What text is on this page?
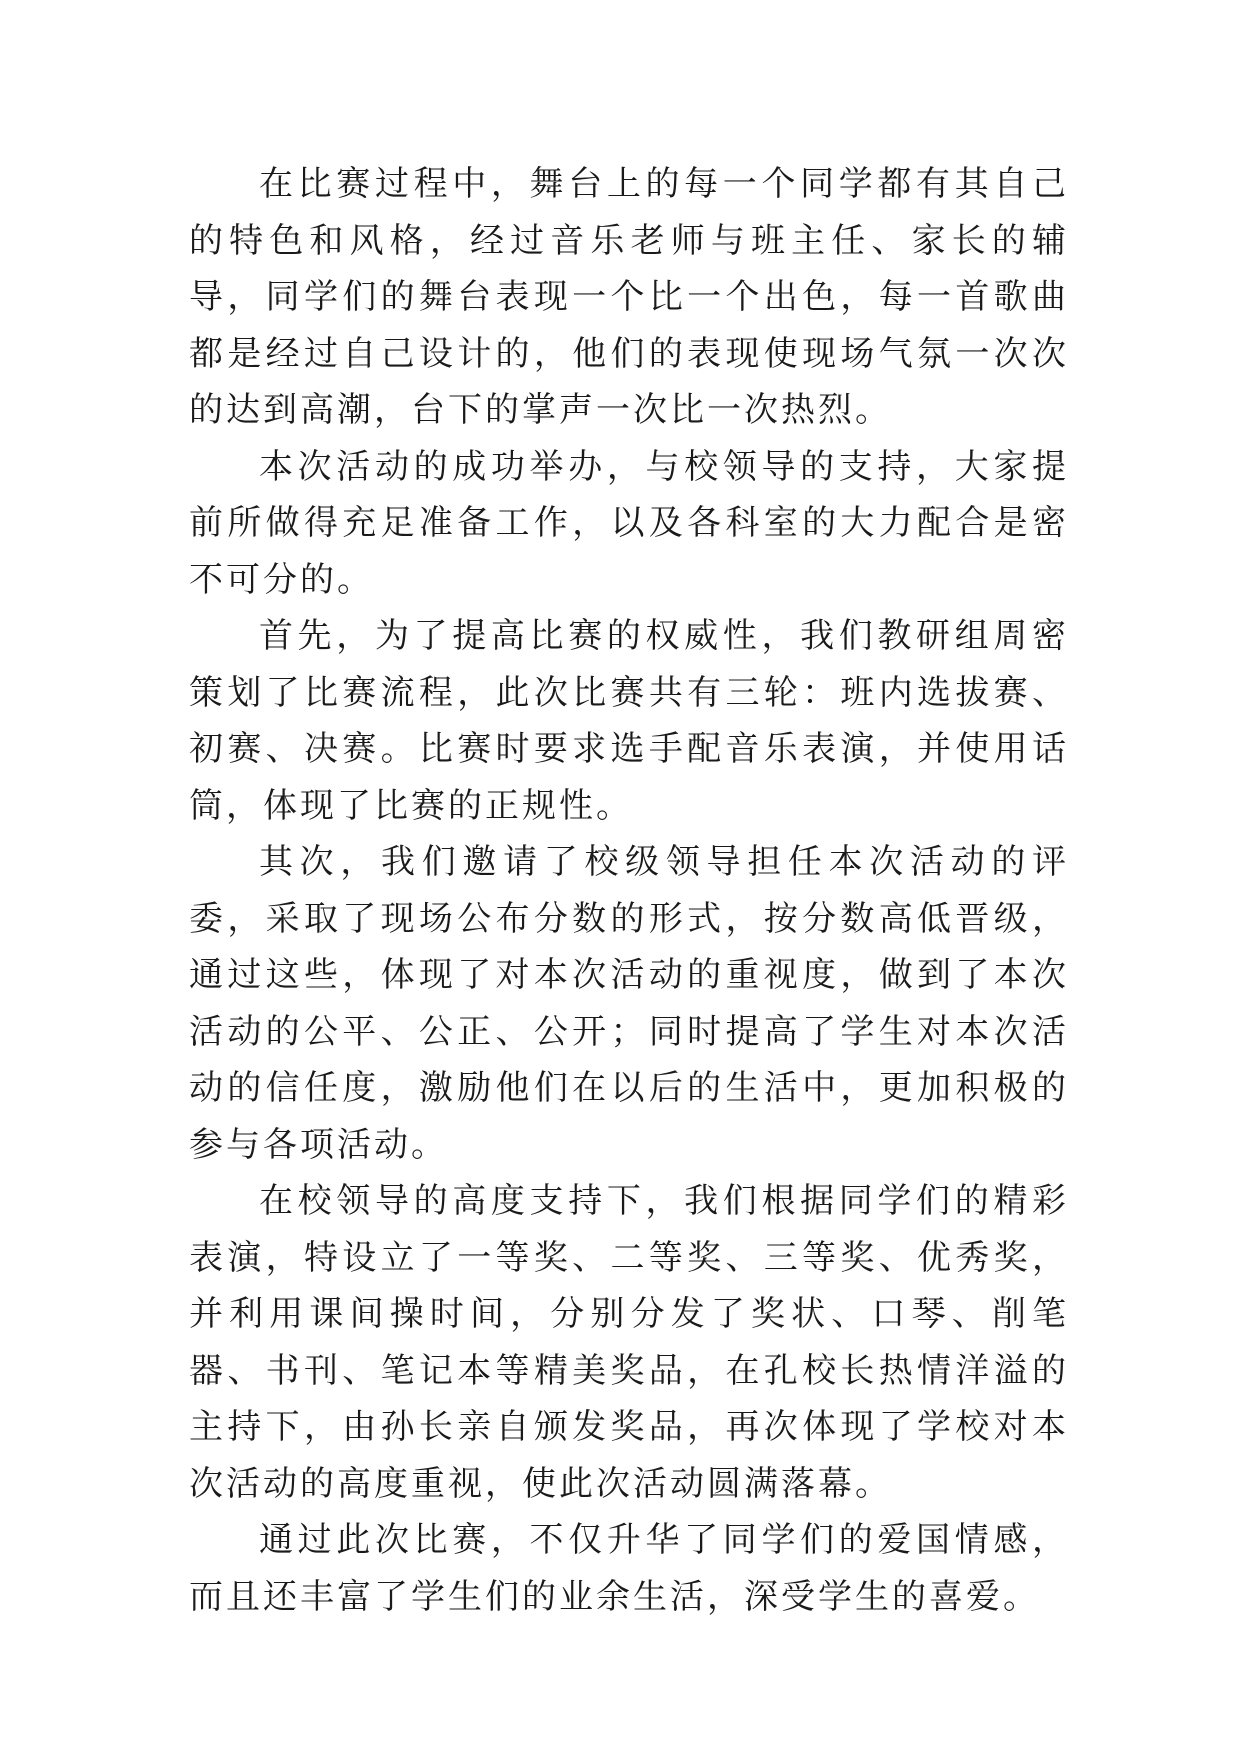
在比赛过程中，舞台上的每一个同学都有其自己的特色和风格，经过音乐老师与班主任、家长的辅导，同学们的舞台表现一个比一个出色，每一首歌曲都是经过自己设计的，他们的表现使现场气氛一次次的达到高潮，台下的掌声一次比一次热烈。

本次活动的成功举办，与校领导的支持，大家提前所做得充足准备工作，以及各科室的大力配合是密不可分的。

首先，为了提高比赛的权威性，我们教研组周密策划了比赛流程，此次比赛共有三轮：班内选拔赛、初赛、决赛。比赛时要求选手配音乐表演，并使用话筒，体现了比赛的正规性。

其次，我们邀请了校级领导担任本次活动的评委，采取了现场公布分数的形式，按分数高低晋级，通过这些，体现了对本次活动的重视度，做到了本次活动的公平、公正、公开；同时提高了学生对本次活动的信任度，激励他们在以后的生活中，更加积极的参与各项活动。

在校领导的高度支持下，我们根据同学们的精彩表演，特设立了一等奖、二等奖、三等奖、优秀奖，并利用课间操时间，分别分发了奖状、口琴、削笔器、书刊、笔记本等精美奖品，在孔校长热情洋溢的主持下，由孙长亲自颁发奖品，再次体现了学校对本次活动的高度重视，使此次活动圆满落幕。

通过此次比赛，不仅升华了同学们的爱国情感，而且还丰富了学生们的业余生活，深受学生的喜爱。
